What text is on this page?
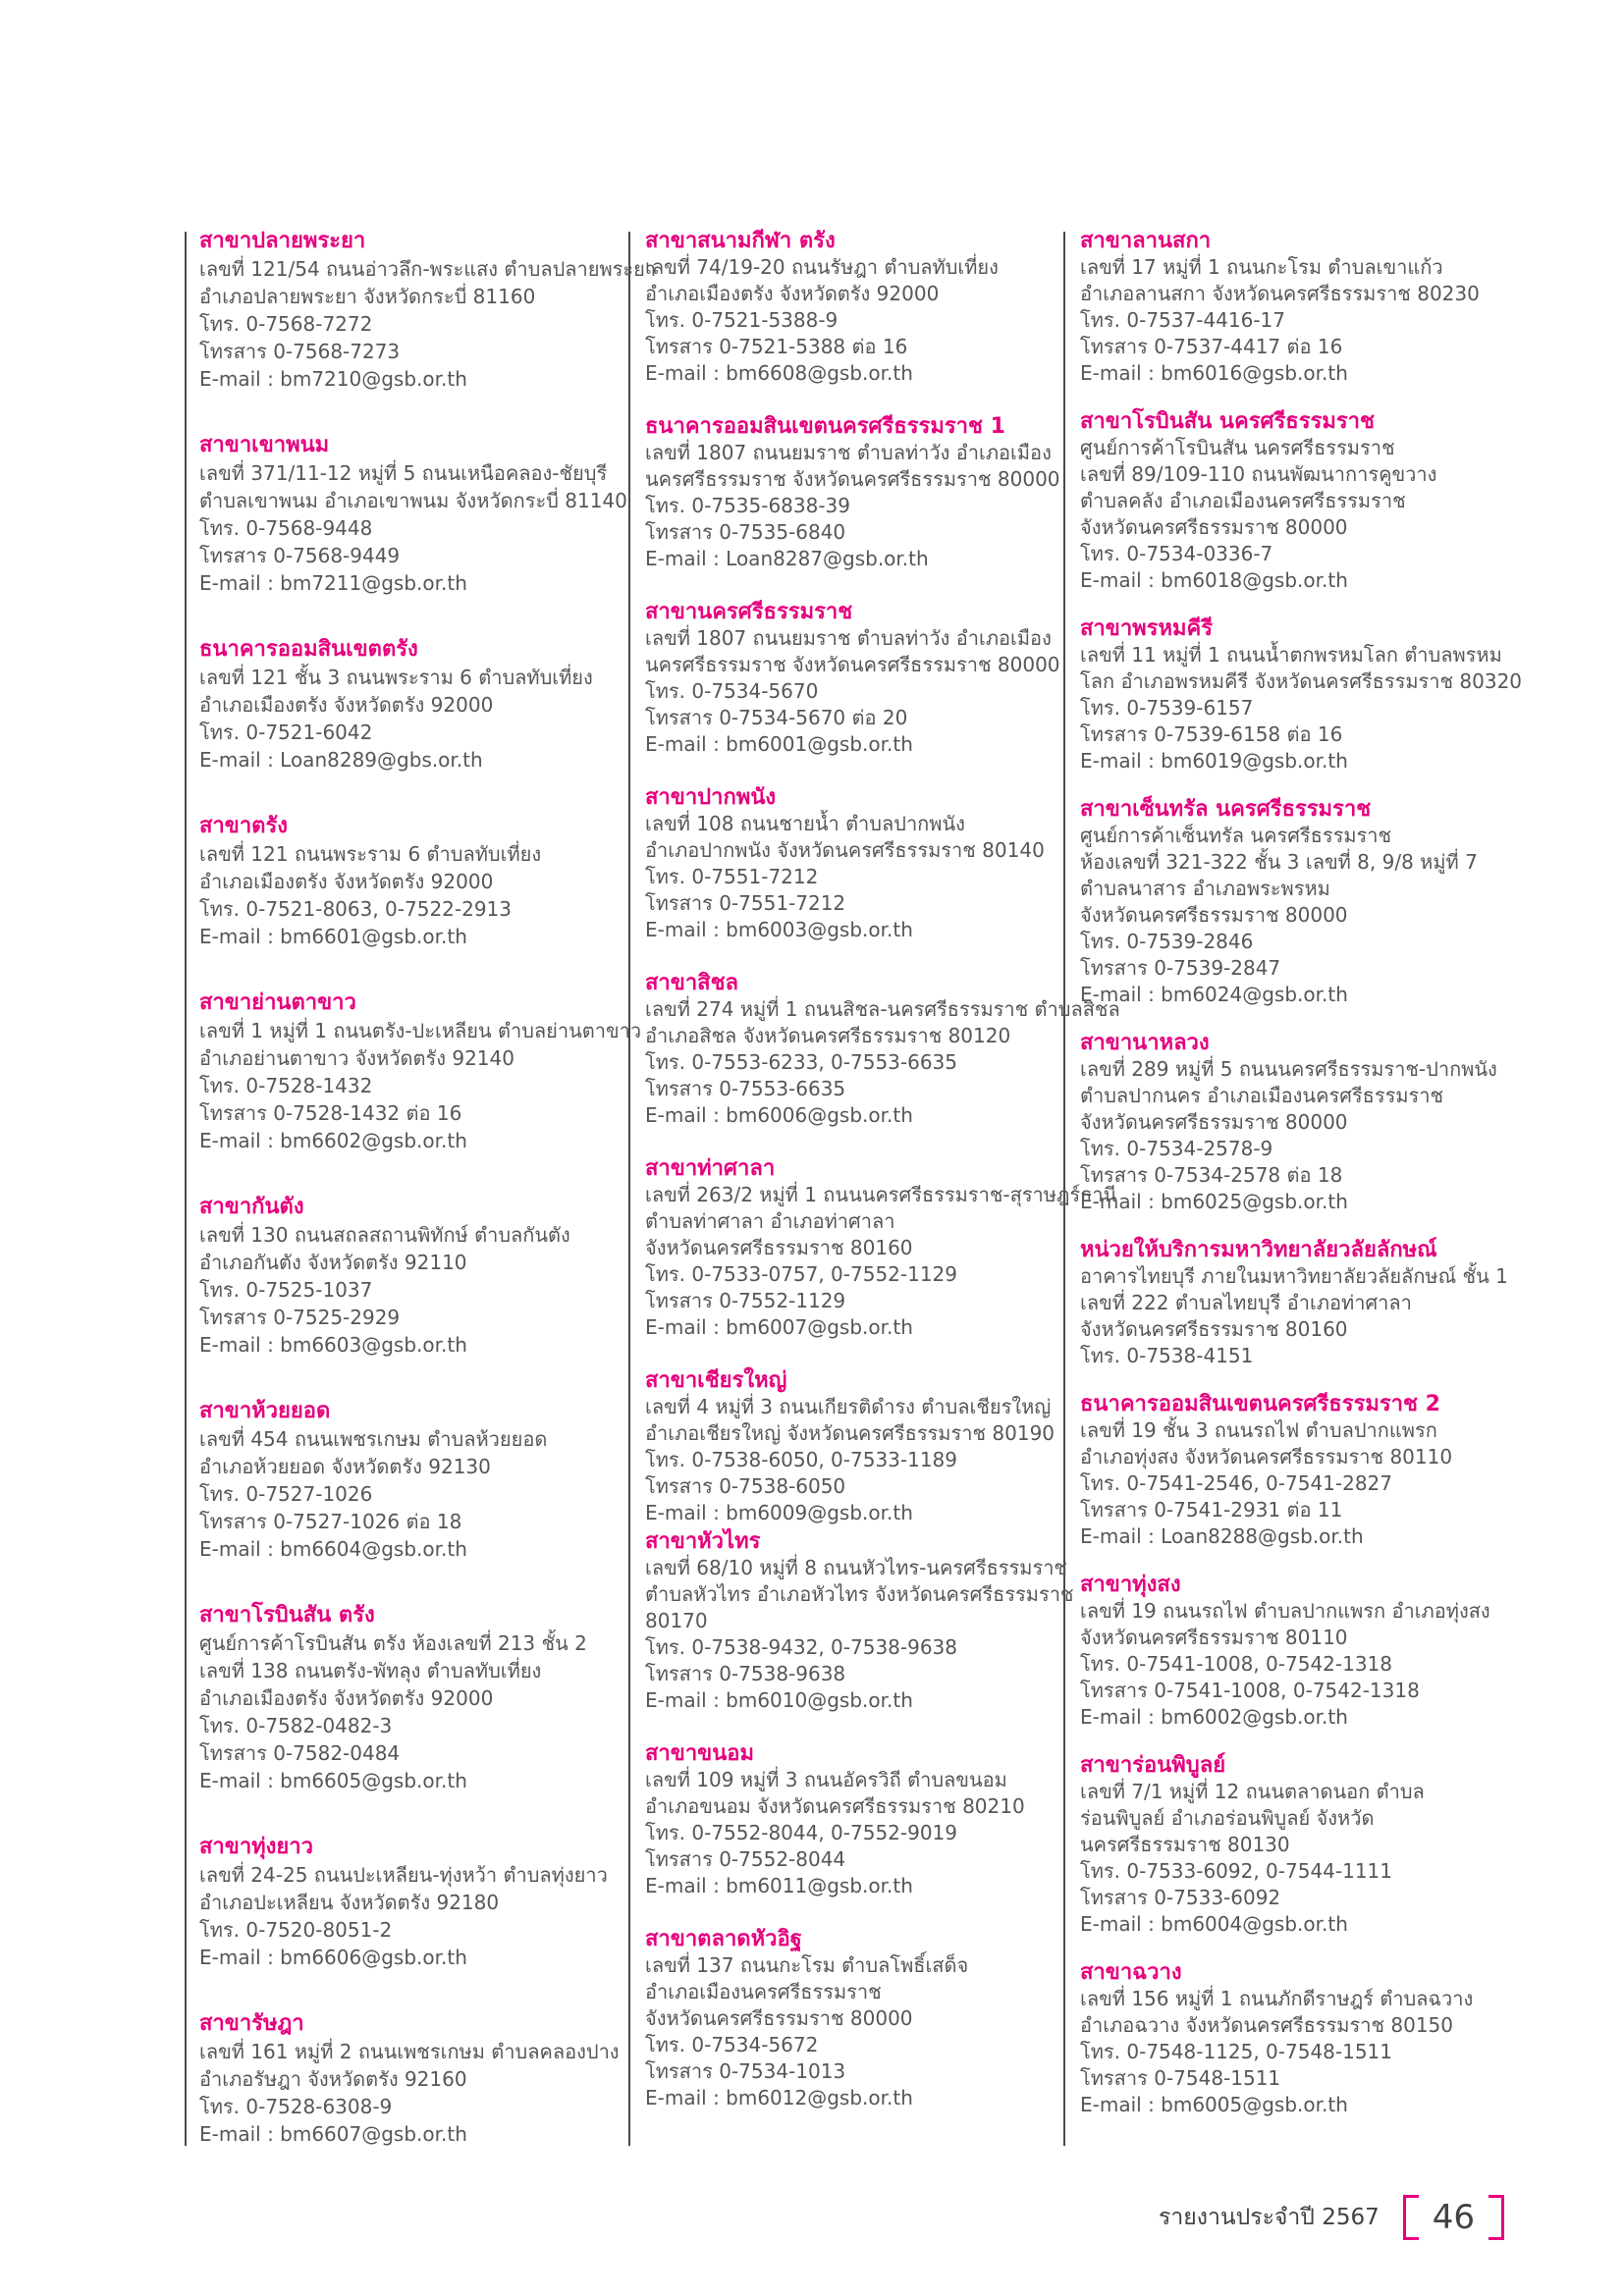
สาขาปลายพระยา

เลขที่ 121/54 ถนนอ่าวลึก-พระแสง ตำบลปลายพระยา

อำเภอปลายพระยา จังหวัดกระบี่ 81160

โทร. 0-7568-7272

โทรสาร 0-7568-7273

E-mail : bm7210@gsb.or.th

สาขาเขาพนม

เลขที่ 371/11-12 หมู่ที่ 5 ถนนเหนือคลอง-ชัยบุรี

ตำบลเขาพนม อำเภอเขาพนม จังหวัดกระบี่ 81140

โทร. 0-7568-9448

โทรสาร 0-7568-9449

E-mail : bm7211@gsb.or.th

ธนาคารออมสินเขตตรัง

เลขที่ 121 ชั้น 3 ถนนพระราม 6 ตำบลทับเที่ยง

อำเภอเมืองตรัง จังหวัดตรัง 92000

โทร. 0-7521-6042

E-mail : Loan8289@gbs.or.th

สาขาตรัง

เลขที่ 121 ถนนพระราม 6 ตำบลทับเที่ยง

อำเภอเมืองตรัง จังหวัดตรัง 92000

โทร. 0-7521-8063, 0-7522-2913

E-mail : bm6601@gsb.or.th

สาขาย่านตาขาว

เลขที่ 1 หมู่ที่ 1 ถนนตรัง-ปะเหลียน ตำบลย่านตาขาว

อำเภอย่านตาขาว จังหวัดตรัง 92140

โทร. 0-7528-1432

โทรสาร 0-7528-1432 ต่อ 16

E-mail : bm6602@gsb.or.th

สาขากันตัง

เลขที่ 130 ถนนสถลสถานพิทักษ์ ตำบลกันตัง

อำเภอกันตัง จังหวัดตรัง 92110

โทร. 0-7525-1037

โทรสาร 0-7525-2929

E-mail : bm6603@gsb.or.th

สาขาห้วยยอด

เลขที่ 454 ถนนเพชรเกษม ตำบลห้วยยอด

อำเภอห้วยยอด จังหวัดตรัง 92130

โทร. 0-7527-1026

โทรสาร 0-7527-1026 ต่อ 18

E-mail : bm6604@gsb.or.th

สาขาโรบินสัน ตรัง

ศูนย์การค้าโรบินสัน ตรัง ห้องเลขที่ 213 ชั้น 2

เลขที่ 138 ถนนตรัง-พัทลุง ตำบลทับเที่ยง

อำเภอเมืองตรัง จังหวัดตรัง 92000

โทร. 0-7582-0482-3

โทรสาร 0-7582-0484

E-mail : bm6605@gsb.or.th

สาขาทุ่งยาว

เลขที่ 24-25 ถนนปะเหลียน-ทุ่งหว้า ตำบลทุ่งยาว

อำเภอปะเหลียน จังหวัดตรัง 92180

โทร. 0-7520-8051-2

E-mail : bm6606@gsb.or.th

สาขารัษฎา

เลขที่ 161 หมู่ที่ 2 ถนนเพชรเกษม ตำบลคลองปาง

อำเภอรัษฎา จังหวัดตรัง 92160

โทร. 0-7528-6308-9

E-mail : bm6607@gsb.or.th

สาขาสนามกีฬา ตรัง

เลขที่ 74/19-20 ถนนรัษฎา ตำบลทับเที่ยง

อำเภอเมืองตรัง จังหวัดตรัง 92000

โทร. 0-7521-5388-9

โทรสาร 0-7521-5388 ต่อ 16

E-mail : bm6608@gsb.or.th

ธนาคารออมสินเขตนครศรีธรรมราช 1

เลขที่ 1807 ถนนยมราช ตำบลท่าวัง อำเภอเมือง

นครศรีธรรมราช จังหวัดนครศรีธรรมราช 80000

โทร. 0-7535-6838-39

โทรสาร 0-7535-6840

E-mail : Loan8287@gsb.or.th

สาขานครศรีธรรมราช

เลขที่ 1807 ถนนยมราช ตำบลท่าวัง อำเภอเมือง

นครศรีธรรมราช จังหวัดนครศรีธรรมราช 80000

โทร. 0-7534-5670

โทรสาร 0-7534-5670 ต่อ 20

E-mail : bm6001@gsb.or.th

สาขาปากพนัง

เลขที่ 108 ถนนชายน้ำ ตำบลปากพนัง

อำเภอปากพนัง จังหวัดนครศรีธรรมราช 80140

โทร. 0-7551-7212

โทรสาร 0-7551-7212

E-mail : bm6003@gsb.or.th

สาขาสิชล

เลขที่ 274 หมู่ที่ 1 ถนนสิชล-นครศรีธรรมราช ตำบลสิชล

อำเภอสิชล จังหวัดนครศรีธรรมราช 80120

โทร. 0-7553-6233, 0-7553-6635

โทรสาร 0-7553-6635

E-mail : bm6006@gsb.or.th

สาขาท่าศาลา

เลขที่ 263/2 หมู่ที่ 1 ถนนนครศรีธรรมราช-สุราษฎร์ธานี

ตำบลท่าศาลา อำเภอท่าศาลา

จังหวัดนครศรีธรรมราช 80160

โทร. 0-7533-0757, 0-7552-1129

โทรสาร 0-7552-1129

E-mail : bm6007@gsb.or.th

สาขาเชียรใหญ่

เลขที่ 4 หมู่ที่ 3 ถนนเกียรติดำรง ตำบลเชียรใหญ่

อำเภอเชียรใหญ่ จังหวัดนครศรีธรรมราช 80190

โทร. 0-7538-6050, 0-7533-1189

โทรสาร 0-7538-6050

E-mail : bm6009@gsb.or.th

สาขาหัวไทร

เลขที่ 68/10 หมู่ที่ 8 ถนนหัวไทร-นครศรีธรรมราช

ตำบลหัวไทร อำเภอหัวไทร จังหวัดนครศรีธรรมราช

80170

โทร. 0-7538-9432, 0-7538-9638

โทรสาร 0-7538-9638

E-mail : bm6010@gsb.or.th

สาขาขนอม

เลขที่ 109 หมู่ที่ 3 ถนนอัครวิถี ตำบลขนอม

อำเภอขนอม จังหวัดนครศรีธรรมราช 80210

โทร. 0-7552-8044, 0-7552-9019

โทรสาร 0-7552-8044

E-mail : bm6011@gsb.or.th

สาขาตลาดหัวอิฐ

เลขที่ 137 ถนนกะโรม ตำบลโพธิ์เสด็จ

อำเภอเมืองนครศรีธรรมราช

จังหวัดนครศรีธรรมราช 80000

โทร. 0-7534-5672

โทรสาร 0-7534-1013

E-mail : bm6012@gsb.or.th

สาขาลานสกา

เลขที่ 17 หมู่ที่ 1 ถนนกะโรม ตำบลเขาแก้ว

อำเภอลานสกา จังหวัดนครศรีธรรมราช 80230

โทร. 0-7537-4416-17

โทรสาร 0-7537-4417 ต่อ 16

E-mail : bm6016@gsb.or.th

สาขาโรบินสัน นครศรีธรรมราช

ศูนย์การค้าโรบินสัน นครศรีธรรมราช

เลขที่ 89/109-110 ถนนพัฒนาการคูขวาง

ตำบลคลัง อำเภอเมืองนครศรีธรรมราช

จังหวัดนครศรีธรรมราช 80000

โทร. 0-7534-0336-7

E-mail : bm6018@gsb.or.th

สาขาพรหมคีรี

เลขที่ 11 หมู่ที่ 1 ถนนน้ำตกพรหมโลก ตำบลพรหม

โลก อำเภอพรหมคีรี จังหวัดนครศรีธรรมราช 80320

โทร. 0-7539-6157

โทรสาร 0-7539-6158 ต่อ 16

E-mail : bm6019@gsb.or.th

สาขาเซ็นทรัล นครศรีธรรมราช

ศูนย์การค้าเซ็นทรัล นครศรีธรรมราช

ห้องเลขที่ 321-322 ชั้น 3 เลขที่ 8, 9/8 หมู่ที่ 7

ตำบลนาสาร อำเภอพระพรหม

จังหวัดนครศรีธรรมราช 80000

โทร. 0-7539-2846

โทรสาร 0-7539-2847

E-mail : bm6024@gsb.or.th

สาขานาหลวง

เลขที่ 289 หมู่ที่ 5 ถนนนครศรีธรรมราช-ปากพนัง

ตำบลปากนคร อำเภอเมืองนครศรีธรรมราช

จังหวัดนครศรีธรรมราช 80000

โทร. 0-7534-2578-9

โทรสาร 0-7534-2578 ต่อ 18

E-mail : bm6025@gsb.or.th

หน่วยให้บริการมหาวิทยาลัยวลัยลักษณ์

อาคารไทยบุรี ภายในมหาวิทยาลัยวลัยลักษณ์ ชั้น 1

เลขที่ 222 ตำบลไทยบุรี อำเภอท่าศาลา

จังหวัดนครศรีธรรมราช 80160

โทร. 0-7538-4151

ธนาคารออมสินเขตนครศรีธรรมราช 2

เลขที่ 19 ชั้น 3 ถนนรถไฟ ตำบลปากแพรก

อำเภอทุ่งสง จังหวัดนครศรีธรรมราช 80110

โทร. 0-7541-2546, 0-7541-2827

โทรสาร 0-7541-2931 ต่อ 11

E-mail : Loan8288@gsb.or.th

สาขาทุ่งสง

เลขที่ 19 ถนนรถไฟ ตำบลปากแพรก อำเภอทุ่งสง

จังหวัดนครศรีธรรมราช 80110

โทร. 0-7541-1008, 0-7542-1318

โทรสาร 0-7541-1008, 0-7542-1318

E-mail : bm6002@gsb.or.th

สาขาร่อนพิบูลย์

เลขที่ 7/1 หมู่ที่ 12 ถนนตลาดนอก ตำบล

ร่อนพิบูลย์ อำเภอร่อนพิบูลย์ จังหวัด

นครศรีธรรมราช 80130

โทร. 0-7533-6092, 0-7544-1111

โทรสาร 0-7533-6092

E-mail : bm6004@gsb.or.th

สาขาฉวาง

เลขที่ 156 หมู่ที่ 1 ถนนภักดีราษฎร์ ตำบลฉวาง

อำเภอฉวาง จังหวัดนครศรีธรรมราช 80150

โทร. 0-7548-1125, 0-7548-1511

โทรสาร 0-7548-1511

E-mail : bm6005@gsb.or.th

รายงานประจำปี 2567 46
